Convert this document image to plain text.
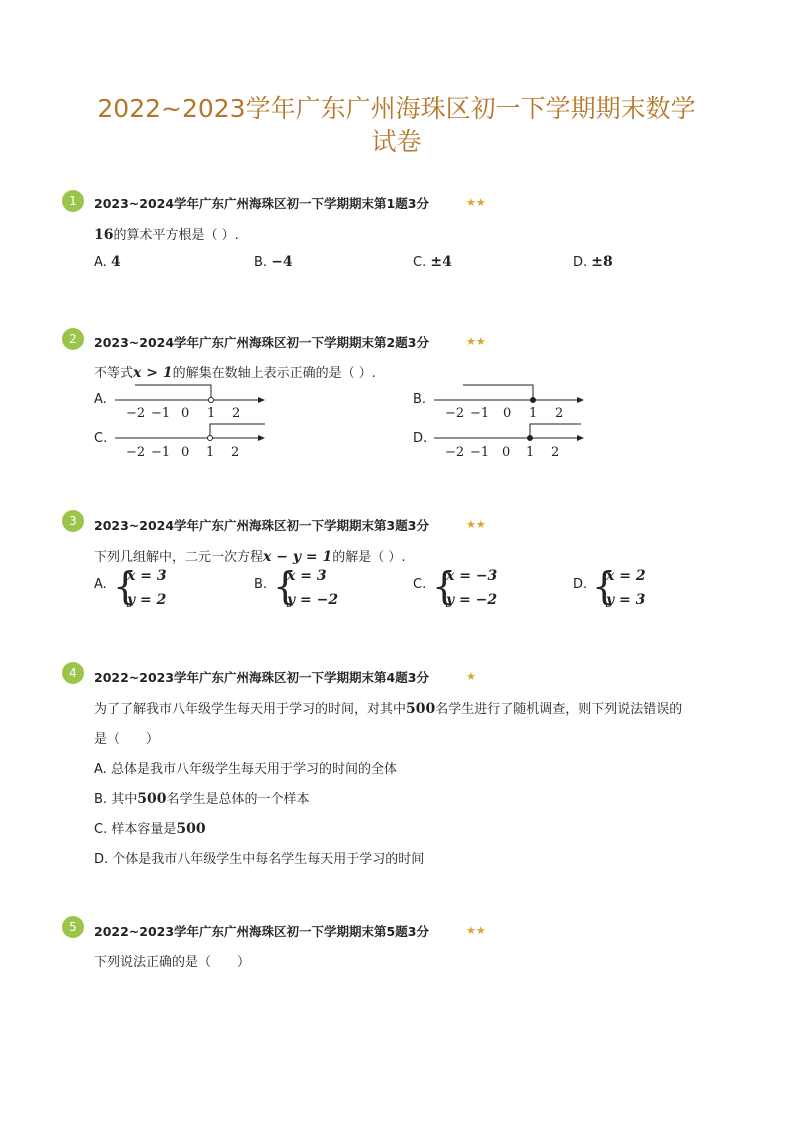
2022~2023学年广东广州海珠区初一下学期期末数学
试卷
1	2023~2024学年广东广州海珠区初一下学期期末第1题3分	★★
16的算术平方根是（ ）.
A. 4	B. −4	C. ±4	D. ±8
2	2023~2024学年广东广州海珠区初一下学期期末第2题3分	★★
不等式x > 1的解集在数轴上表示正确的是（ ）.
A.
−2 −1 0 1 2
B.
−2 −1 0 1 2
C.
−2 −1 0 1 2
D.
−2 −1 0 1 2
3	2023~2024学年广东广州海珠区初一下学期期末第3题3分	★★
下列几组解中，二元一次方程x − y = 1的解是（ ）.
A. {
x = 3
y = 2
B. {
x = 3
y = −2
C. {
x = −3
y = −2
D. {
x = 2
y = 3
4	2022~2023学年广东广州海珠区初一下学期期末第4题3分	★
为了了解我市八年级学生每天用于学习的时间，对其中500名学生进行了随机调查，则下列说法错误的
是（　　）
A. 总体是我市八年级学生每天用于学习的时间的全体
B. 其中500名学生是总体的一个样本
C. 样本容量是500
D. 个体是我市八年级学生中每名学生每天用于学习的时间
5	2022~2023学年广东广州海珠区初一下学期期末第5题3分	★★
下列说法正确的是（　　）
